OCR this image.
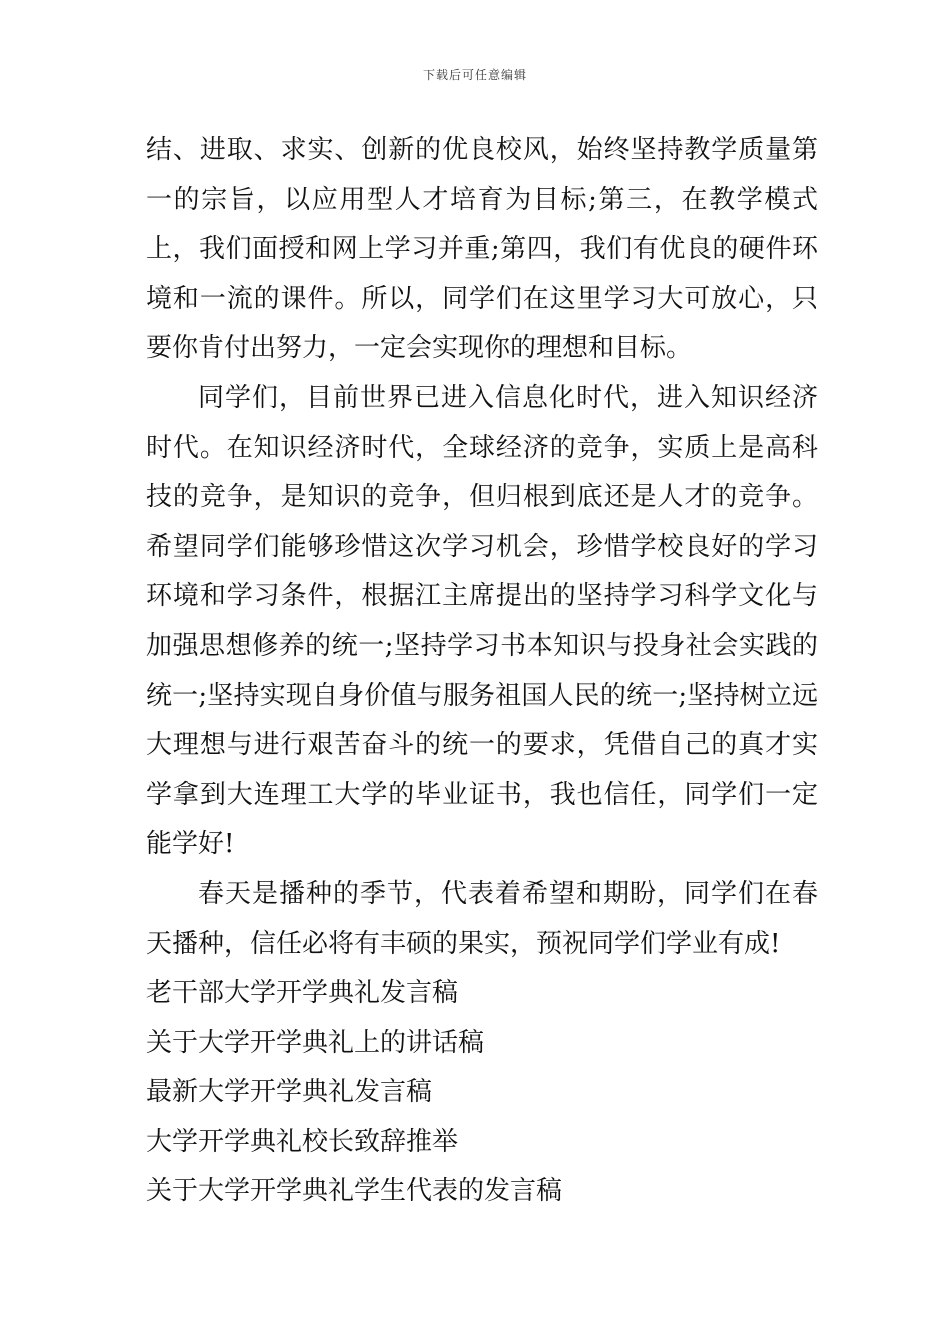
下载后可任意编辑

结、进取、求实、创新的优良校风，始终坚持教学质量第一的宗旨，以应用型人才培育为目标;第三，在教学模式上，我们面授和网上学习并重;第四，我们有优良的硬件环境和一流的课件。所以，同学们在这里学习大可放心，只要你肯付出努力，一定会实现你的理想和目标。

同学们，目前世界已进入信息化时代，进入知识经济时代。在知识经济时代，全球经济的竞争，实质上是高科技的竞争，是知识的竞争，但归根到底还是人才的竞争。希望同学们能够珍惜这次学习机会，珍惜学校良好的学习环境和学习条件，根据江主席提出的坚持学习科学文化与加强思想修养的统一;坚持学习书本知识与投身社会实践的统一;坚持实现自身价值与服务祖国人民的统一;坚持树立远大理想与进行艰苦奋斗的统一的要求，凭借自己的真才实学拿到大连理工大学的毕业证书，我也信任，同学们一定能学好!

春天是播种的季节，代表着希望和期盼，同学们在春天播种，信任必将有丰硕的果实，预祝同学们学业有成!

老干部大学开学典礼发言稿
关于大学开学典礼上的讲话稿
最新大学开学典礼发言稿
大学开学典礼校长致辞推举
关于大学开学典礼学生代表的发言稿
